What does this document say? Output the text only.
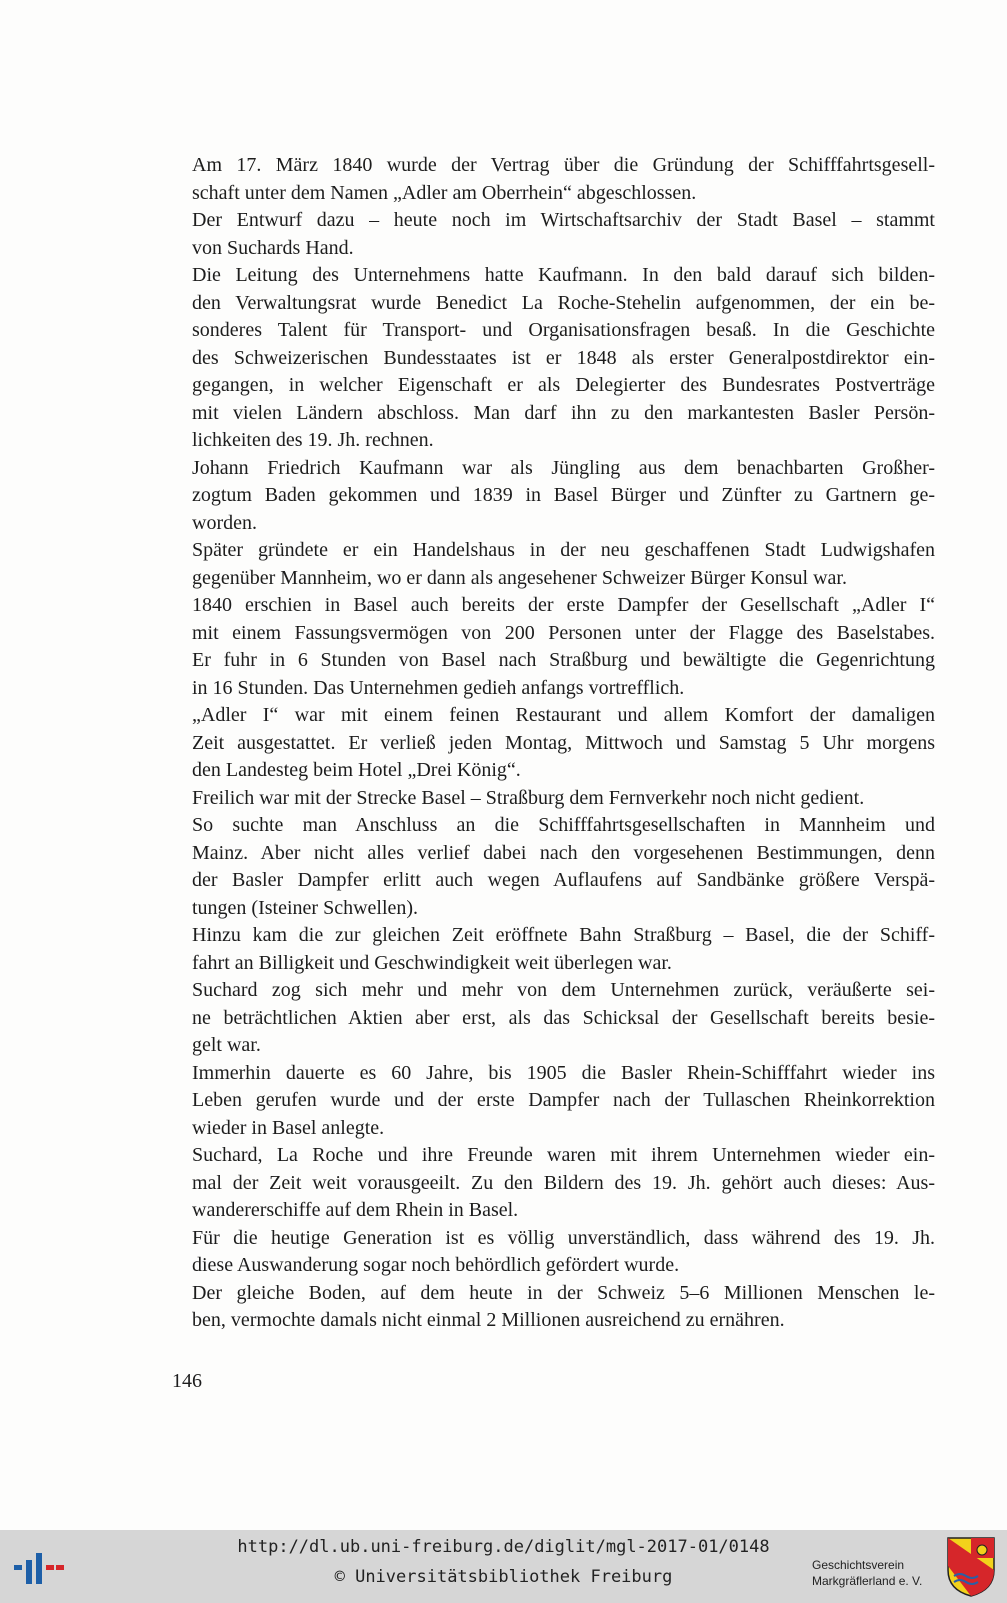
Am 17. März 1840 wurde der Vertrag über die Gründung der Schifffahrtsgesell-
schaft unter dem Namen „Adler am Oberrhein“ abgeschlossen.

Der Entwurf dazu – heute noch im Wirtschaftsarchiv der Stadt Basel – stammt
von Suchards Hand.

Die Leitung des Unternehmens hatte Kaufmann. In den bald darauf sich bilden-
den Verwaltungsrat wurde Benedict La Roche-Stehelin aufgenommen, der ein be-
sonderes Talent für Transport- und Organisationsfragen besaß. In die Geschichte
des Schweizerischen Bundesstaates ist er 1848 als erster Generalpostdirektor ein-
gegangen, in welcher Eigenschaft er als Delegierter des Bundesrates Postverträge
mit vielen Ländern abschloss. Man darf ihn zu den markantesten Basler Persön-
lichkeiten des 19. Jh. rechnen.

Johann Friedrich Kaufmann war als Jüngling aus dem benachbarten Großher-
zogtum Baden gekommen und 1839 in Basel Bürger und Zünfter zu Gartnern ge-
worden.

Später gründete er ein Handelshaus in der neu geschaffenen Stadt Ludwigshafen
gegenüber Mannheim, wo er dann als angesehener Schweizer Bürger Konsul war.

1840 erschien in Basel auch bereits der erste Dampfer der Gesellschaft „Adler I“
mit einem Fassungsvermögen von 200 Personen unter der Flagge des Baselstabes.
Er fuhr in 6 Stunden von Basel nach Straßburg und bewältigte die Gegenrichtung
in 16 Stunden. Das Unternehmen gedieh anfangs vortrefflich.

„Adler I“ war mit einem feinen Restaurant und allem Komfort der damaligen
Zeit ausgestattet. Er verließ jeden Montag, Mittwoch und Samstag 5 Uhr morgens
den Landesteg beim Hotel „Drei König“.

Freilich war mit der Strecke Basel – Straßburg dem Fernverkehr noch nicht gedient.

So suchte man Anschluss an die Schifffahrtsgesellschaften in Mannheim und
Mainz. Aber nicht alles verlief dabei nach den vorgesehenen Bestimmungen, denn
der Basler Dampfer erlitt auch wegen Auflaufens auf Sandbänke größere Verspä-
tungen (Isteiner Schwellen).

Hinzu kam die zur gleichen Zeit eröffnete Bahn Straßburg – Basel, die der Schiff-
fahrt an Billigkeit und Geschwindigkeit weit überlegen war.

Suchard zog sich mehr und mehr von dem Unternehmen zurück, veräußerte sei-
ne beträchtlichen Aktien aber erst, als das Schicksal der Gesellschaft bereits besie-
gelt war.

Immerhin dauerte es 60 Jahre, bis 1905 die Basler Rhein-Schifffahrt wieder ins
Leben gerufen wurde und der erste Dampfer nach der Tullaschen Rheinkorrektion
wieder in Basel anlegte.

Suchard, La Roche und ihre Freunde waren mit ihrem Unternehmen wieder ein-
mal der Zeit weit vorausgeeilt. Zu den Bildern des 19. Jh. gehört auch dieses: Aus-
wandererschiffe auf dem Rhein in Basel.

Für die heutige Generation ist es völlig unverständlich, dass während des 19. Jh.
diese Auswanderung sogar noch behördlich gefördert wurde.

Der gleiche Boden, auf dem heute in der Schweiz 5–6 Millionen Menschen le-
ben, vermochte damals nicht einmal 2 Millionen ausreichend zu ernähren.

146
http://dl.ub.uni-freiburg.de/diglit/mgl-2017-01/0148
© Universitätsbibliothek Freiburg
Geschichtsverein
Markgräflerland e. V.
